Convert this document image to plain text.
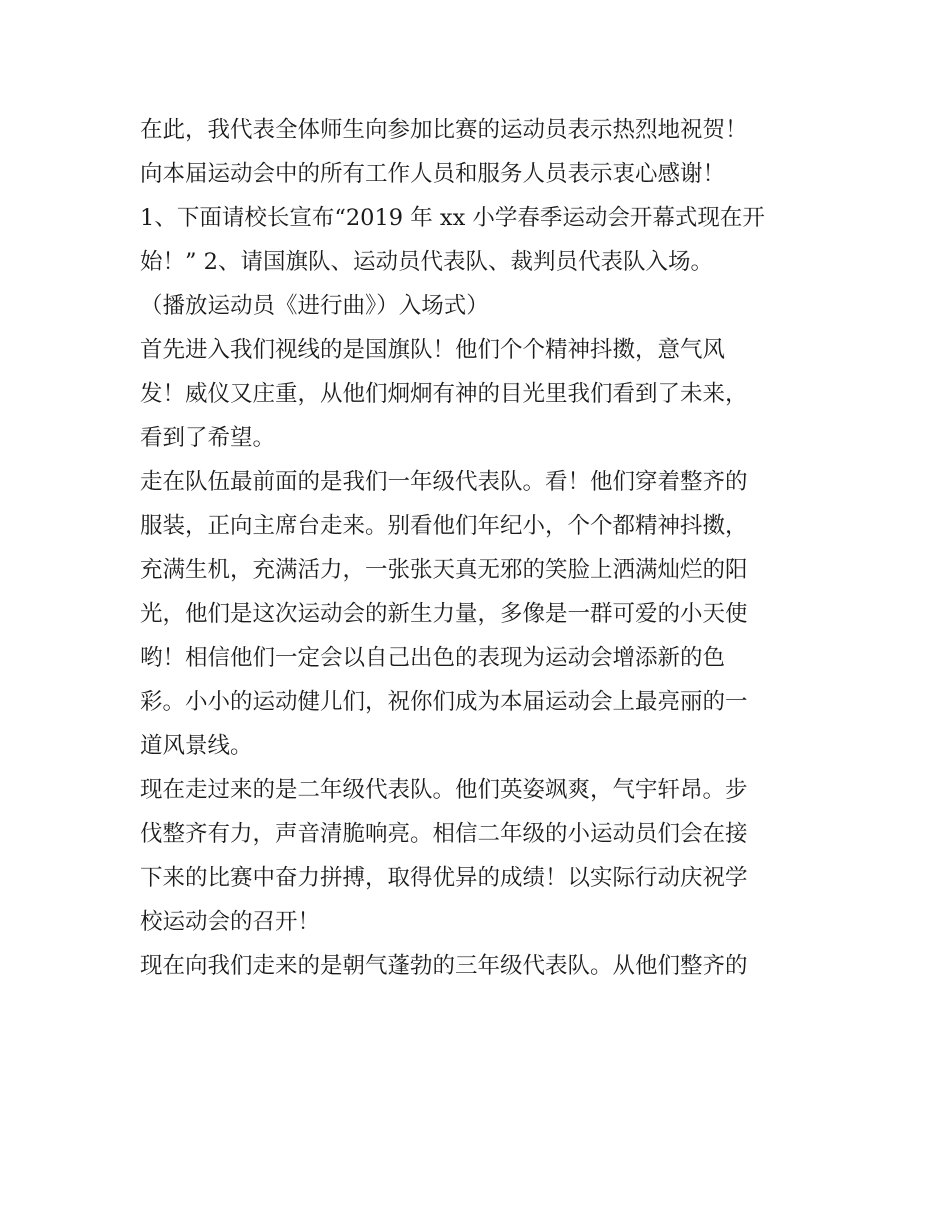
在此，我代表全体师生向参加比赛的运动员表示热烈地祝贺！
向本届运动会中的所有工作人员和服务人员表示衷心感谢！
1、下面请校长宣布“2019 年 xx 小学春季运动会开幕式现在开
始！” 2、请国旗队、运动员代表队、裁判员代表队入场。
（播放运动员《进行曲》）入场式）
首先进入我们视线的是国旗队！他们个个精神抖擞，意气风
发！威仪又庄重，从他们炯炯有神的目光里我们看到了未来，
看到了希望。
走在队伍最前面的是我们一年级代表队。看！他们穿着整齐的
服装，正向主席台走来。别看他们年纪小，个个都精神抖擞，
充满生机，充满活力，一张张天真无邪的笑脸上洒满灿烂的阳
光，他们是这次运动会的新生力量，多像是一群可爱的小天使
哟！相信他们一定会以自己出色的表现为运动会增添新的色
彩。小小的运动健儿们，祝你们成为本届运动会上最亮丽的一
道风景线。
现在走过来的是二年级代表队。他们英姿飒爽，气宇轩昂。步
伐整齐有力，声音清脆响亮。相信二年级的小运动员们会在接
下来的比赛中奋力拼搏，取得优异的成绩！以实际行动庆祝学
校运动会的召开！
现在向我们走来的是朝气蓬勃的三年级代表队。从他们整齐的
